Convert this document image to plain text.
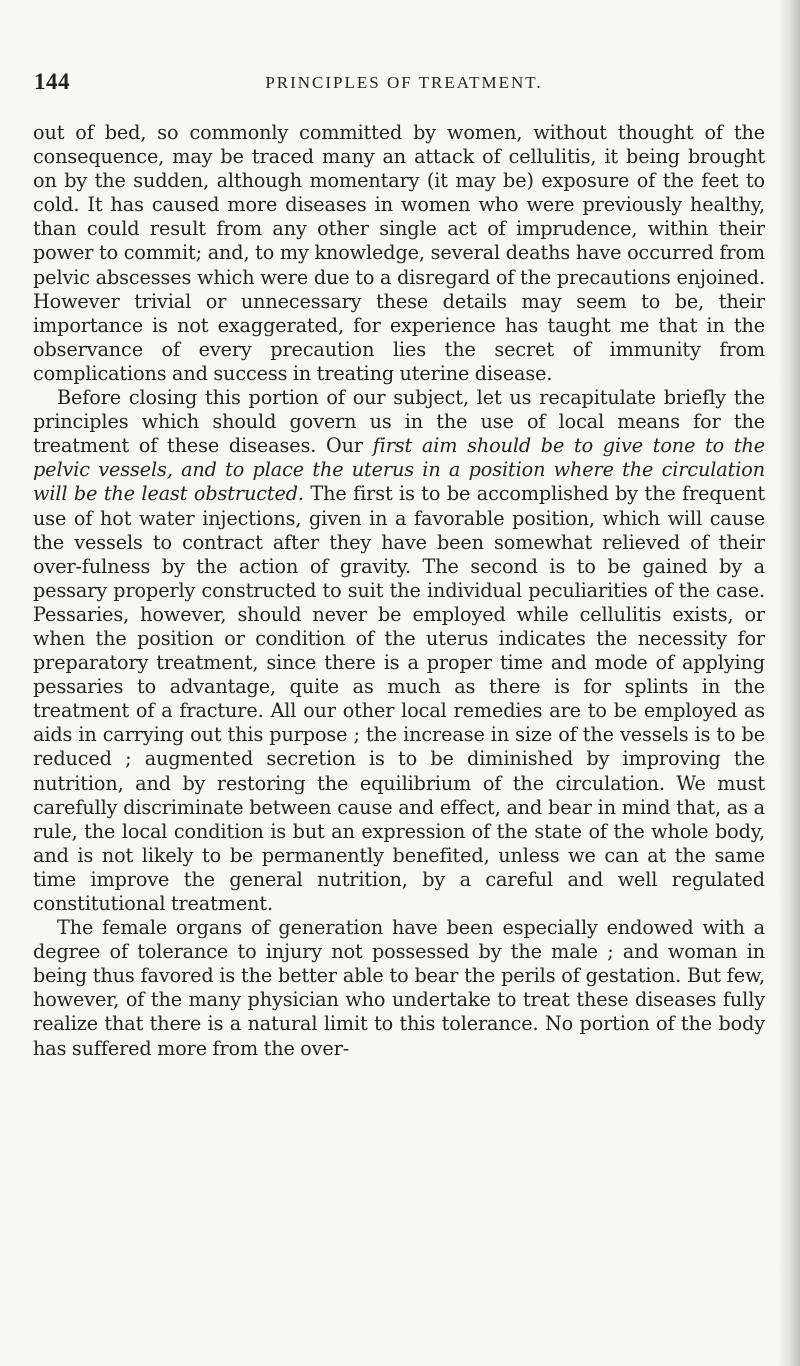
144	PRINCIPLES OF TREATMENT.

out of bed, so commonly committed by women, without thought of the consequence, may be traced many an attack of cellulitis, it being brought on by the sudden, although momentary (it may be) exposure of the feet to cold. It has caused more diseases in women who were previously healthy, than could result from any other single act of imprudence, within their power to commit; and, to my knowledge, several deaths have occurred from pelvic abscesses which were due to a disregard of the precautions enjoined. However trivial or unnecessary these details may seem to be, their importance is not exaggerated, for experience has taught me that in the observance of every precaution lies the secret of immunity from complications and success in treating uterine disease.

Before closing this portion of our subject, let us recapitulate briefly the principles which should govern us in the use of local means for the treatment of these diseases. Our first aim should be to give tone to the pelvic vessels, and to place the uterus in a position where the circulation will be the least obstructed. The first is to be accomplished by the frequent use of hot water injections, given in a favorable position, which will cause the vessels to contract after they have been somewhat relieved of their over-fulness by the action of gravity. The second is to be gained by a pessary properly constructed to suit the individual peculiarities of the case. Pessaries, however, should never be employed while cellulitis exists, or when the position or condition of the uterus indicates the necessity for preparatory treatment, since there is a proper time and mode of applying pessaries to advantage, quite as much as there is for splints in the treatment of a fracture. All our other local remedies are to be employed as aids in carrying out this purpose ; the increase in size of the vessels is to be reduced ; augmented secretion is to be diminished by improving the nutrition, and by restoring the equilibrium of the circulation. We must carefully discriminate between cause and effect, and bear in mind that, as a rule, the local condition is but an expression of the state of the whole body, and is not likely to be permanently benefited, unless we can at the same time improve the general nutrition, by a careful and well regulated constitutional treatment.

The female organs of generation have been especially endowed with a degree of tolerance to injury not possessed by the male ; and woman in being thus favored is the better able to bear the perils of gestation. But few, however, of the many physician who undertake to treat these diseases fully realize that there is a natural limit to this tolerance. No portion of the body has suffered more from the over-
